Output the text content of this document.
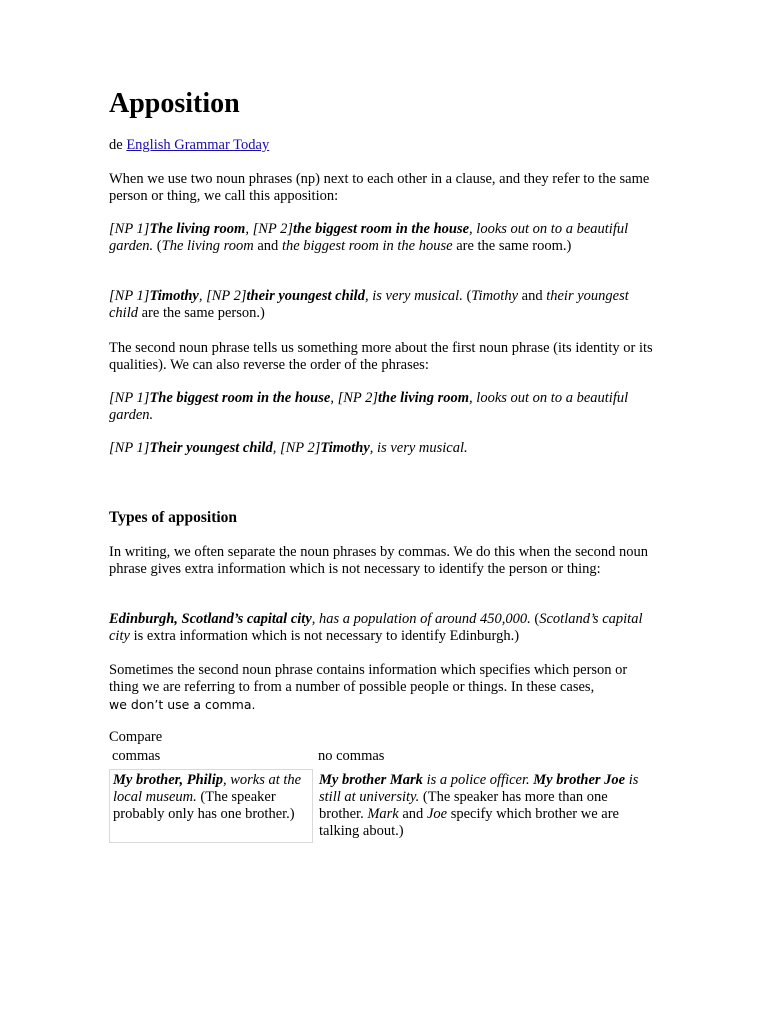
Apposition

de English Grammar Today

When we use two noun phrases (np) next to each other in a clause, and they refer to the same person or thing, we call this apposition:

[NP 1]The living room, [NP 2]the biggest room in the house, looks out on to a beautiful garden. (The living room and the biggest room in the house are the same room.)

[NP 1]Timothy, [NP 2]their youngest child, is very musical. (Timothy and their youngest child are the same person.)

The second noun phrase tells us something more about the first noun phrase (its identity or its qualities). We can also reverse the order of the phrases:

[NP 1]The biggest room in the house, [NP 2]the living room, looks out on to a beautiful garden.

[NP 1]Their youngest child, [NP 2]Timothy, is very musical.

Types of apposition

In writing, we often separate the noun phrases by commas. We do this when the second noun phrase gives extra information which is not necessary to identify the person or thing:

Edinburgh, Scotland’s capital city, has a population of around 450,000. (Scotland’s capital city is extra information which is not necessary to identify Edinburgh.)

Sometimes the second noun phrase contains information which specifies which person or thing we are referring to from a number of possible people or things. In these cases,
we don’t use a comma.

Compare

commas	no commas
My brother, Philip, works at the local museum. (The speaker probably only has one brother.)	My brother Mark is a police officer. My brother Joe is still at university. (The speaker has more than one brother. Mark and Joe specify which brother we are talking about.)
